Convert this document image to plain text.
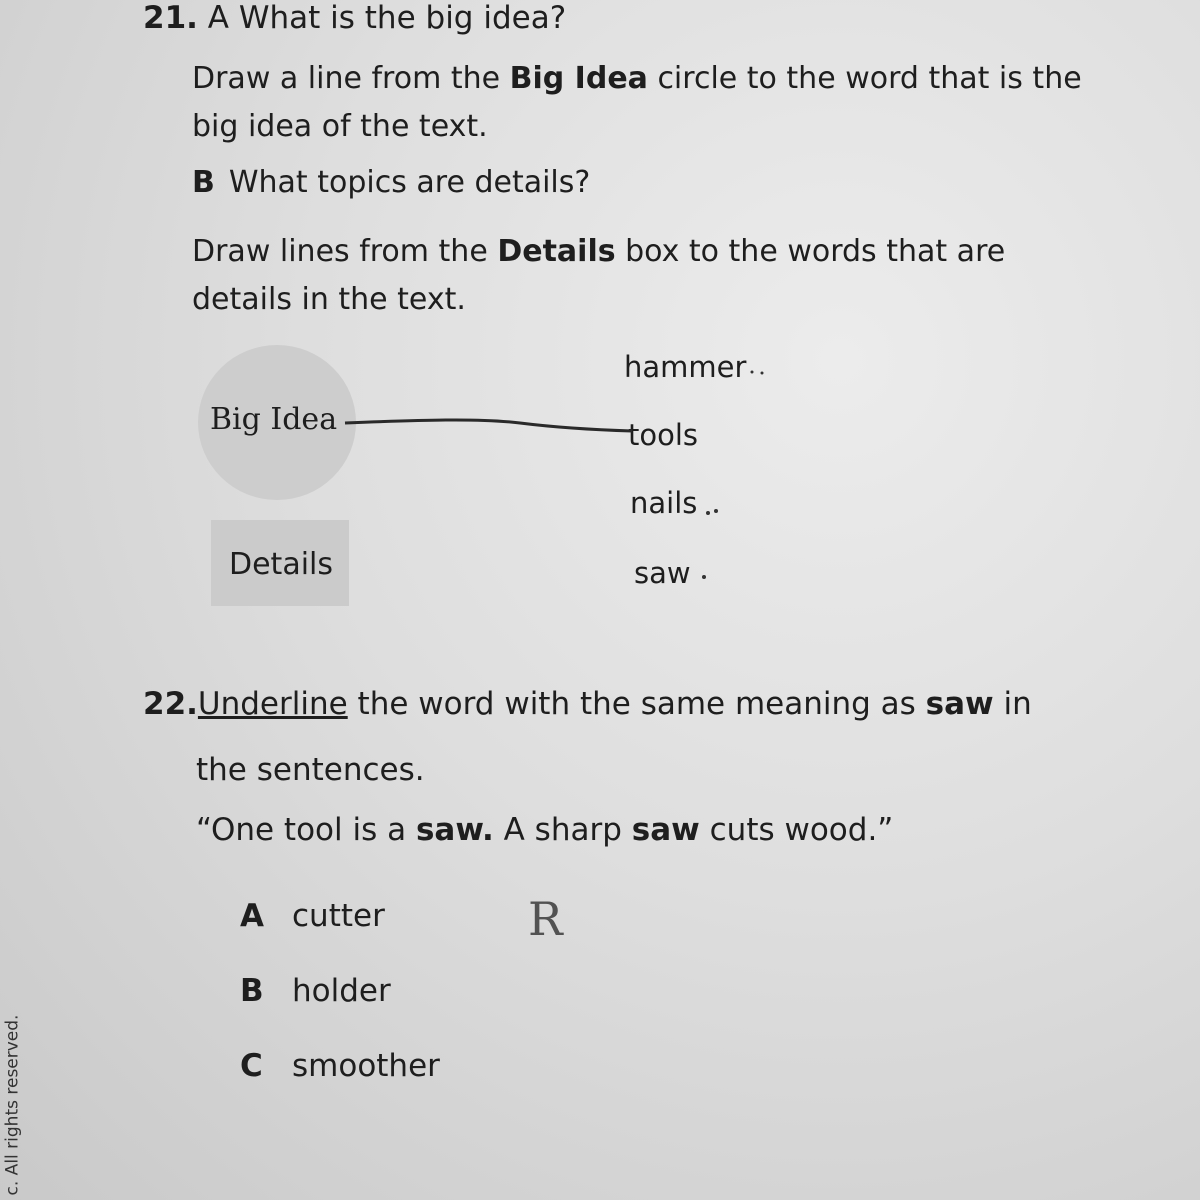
21. A What is the big idea?
Draw a line from the Big Idea circle to the word that is the big idea of the text.
B What topics are details?
Draw lines from the Details box to the words that are details in the text.
Big Idea
Details
hammer
tools
nails
saw
22.Underline the word with the same meaning as saw in
the sentences.
“One tool is a saw. A sharp saw cuts wood.”
A cutter
B holder
C smoother
R
c. All rights reserved.
